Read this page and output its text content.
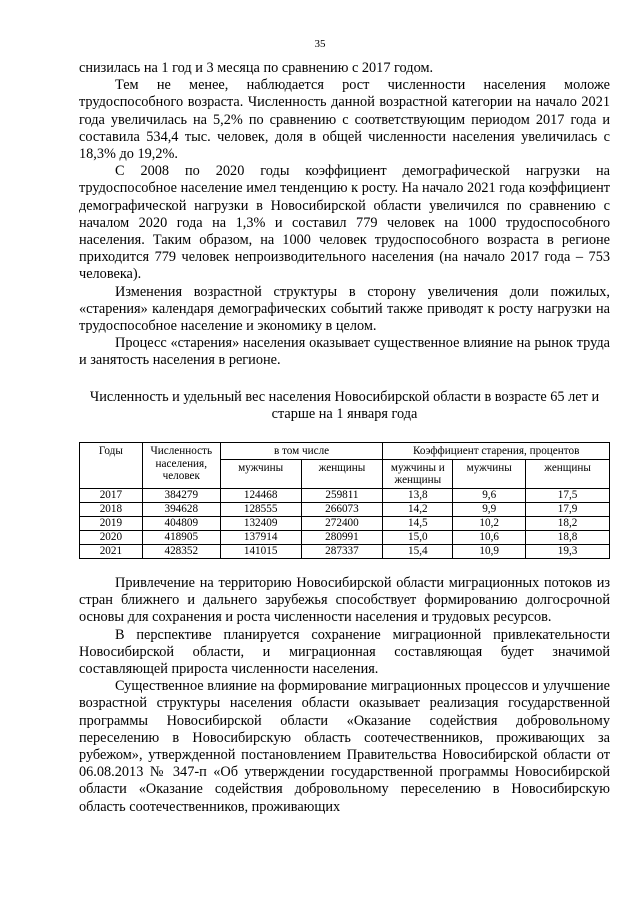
35

снизилась на 1 год и 3 месяца по сравнению с 2017 годом.

Тем не менее, наблюдается рост численности населения моложе трудоспособного возраста. Численность данной возрастной категории на начало 2021 года увеличилась на 5,2% по сравнению с соответствующим периодом 2017 года и составила 534,4 тыс. человек, доля в общей численности населения увеличилась с 18,3% до 19,2%.

С 2008 по 2020 годы коэффициент демографической нагрузки на трудоспособное население имел тенденцию к росту. На начало 2021 года коэффициент демографической нагрузки в Новосибирской области увеличился по сравнению с началом 2020 года на 1,3% и составил 779 человек на 1000 трудоспособного населения. Таким образом, на 1000 человек трудоспособного возраста в регионе приходится 779 человек непроизводительного населения (на начало 2017 года – 753 человека).

Изменения возрастной структуры в сторону увеличения доли пожилых, «старения» календаря демографических событий также приводят к росту нагрузки на трудоспособное население и экономику в целом.

Процесс «старения» населения оказывает существенное влияние на рынок труда и занятость населения в регионе.

Численность и удельный вес населения Новосибирской области в возрасте 65 лет и старше на 1 января года

Годы	Численность населения, человек	в том числе		Коэффициент старения, процентов		
		мужчины	женщины	мужчины и женщины	мужчины	женщины
2017	384279	124468	259811	13,8	9,6	17,5
2018	394628	128555	266073	14,2	9,9	17,9
2019	404809	132409	272400	14,5	10,2	18,2
2020	418905	137914	280991	15,0	10,6	18,8
2021	428352	141015	287337	15,4	10,9	19,3

Привлечение на территорию Новосибирской области миграционных потоков из стран ближнего и дальнего зарубежья способствует формированию долгосрочной основы для сохранения и роста численности населения и трудовых ресурсов.

В перспективе планируется сохранение миграционной привлекательности Новосибирской области, и миграционная составляющая будет значимой составляющей прироста численности населения.

Существенное влияние на формирование миграционных процессов и улучшение возрастной структуры населения области оказывает реализация государственной программы Новосибирской области «Оказание содействия добровольному переселению в Новосибирскую область соотечественников, проживающих за рубежом», утвержденной постановлением Правительства Новосибирской области от 06.08.2013 № 347-п «Об утверждении государственной программы Новосибирской области «Оказание содействия добровольному переселению в Новосибирскую область соотечественников, проживающих
